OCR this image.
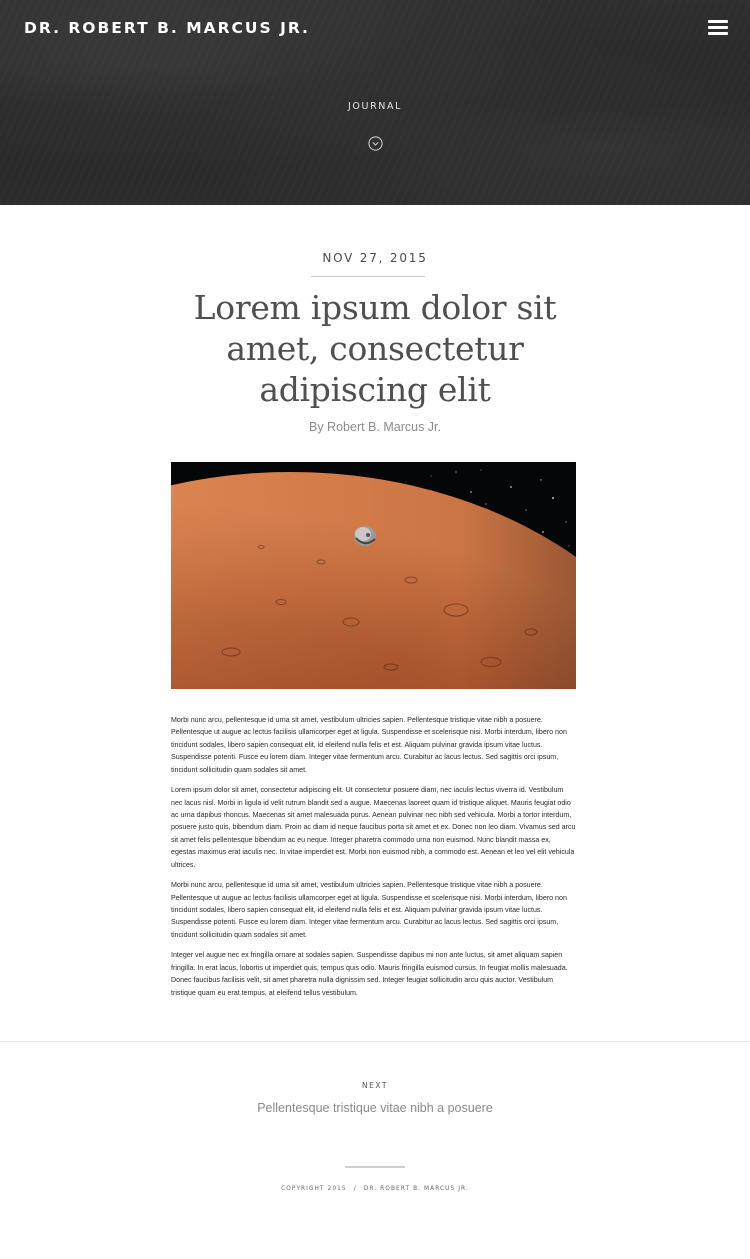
DR. ROBERT B. MARCUS JR.
JOURNAL
NOV 27, 2015
Lorem ipsum dolor sit amet, consectetur adipiscing elit
By Robert B. Marcus Jr.

Morbi nunc arcu, pellentesque id urna sit amet, vestibulum ultricies sapien. Pellentesque tristique vitae nibh a posuere. Pellentesque ut augue ac lectus facilisis ullamcorper eget at ligula. Suspendisse et scelerisque nisi. Morbi interdum, libero non tincidunt sodales, libero sapien consequat elit, id eleifend nulla felis et est. Aliquam pulvinar gravida ipsum vitae luctus. Suspendisse potenti. Fusce eu lorem diam. Integer vitae fermentum arcu. Curabitur ac lacus lectus. Sed sagittis orci ipsum, tincidunt sollicitudin quam sodales sit amet.

Lorem ipsum dolor sit amet, consectetur adipiscing elit. Ut consectetur posuere diam, nec iaculis lectus viverra id. Vestibulum nec lacus nisl. Morbi in ligula id velit rutrum blandit sed a augue. Maecenas laoreet quam id tristique aliquet. Mauris feugiat odio ac urna dapibus rhoncus. Maecenas sit amet malesuada purus. Aenean pulvinar nec nibh sed vehicula. Morbi a tortor interdum, posuere justo quis, bibendum diam. Proin ac diam id neque faucibus porta sit amet et ex. Donec non leo diam. Vivamus sed arcu sit amet felis pellentesque bibendum ac eu neque. Integer pharetra commodo urna non euismod. Nunc blandit massa ex, egestas maximus erat iaculis nec. In vitae imperdiet est. Morbi non euismod nibh, a commodo est. Aenean et leo vel elit vehicula ultrices.

Morbi nunc arcu, pellentesque id urna sit amet, vestibulum ultricies sapien. Pellentesque tristique vitae nibh a posuere. Pellentesque ut augue ac lectus facilisis ullamcorper eget at ligula. Suspendisse et scelerisque nisi. Morbi interdum, libero non tincidunt sodales, libero sapien consequat elit, id eleifend nulla felis et est. Aliquam pulvinar gravida ipsum vitae luctus. Suspendisse potenti. Fusce eu lorem diam. Integer vitae fermentum arcu. Curabitur ac lacus lectus. Sed sagittis orci ipsum, tincidunt sollicitudin quam sodales sit amet.

Integer vel augue nec ex fringilla ornare at sodales sapien. Suspendisse dapibus mi non ante luctus, sit amet aliquam sapien fringilla. In erat lacus, lobortis ut imperdiet quis, tempus quis odio. Mauris fringilla euismod cursus. In feugiat mollis malesuada. Donec faucibus facilisis velit, sit amet pharetra nulla dignissim sed. Integer feugiat sollicitudin arcu quis auctor. Vestibulum tristique quam eu erat tempus, at eleifend tellus vestibulum.

NEXT
Pellentesque tristique vitae nibh a posuere
COPYRIGHT 2015 / DR. ROBERT B. MARCUS JR.
